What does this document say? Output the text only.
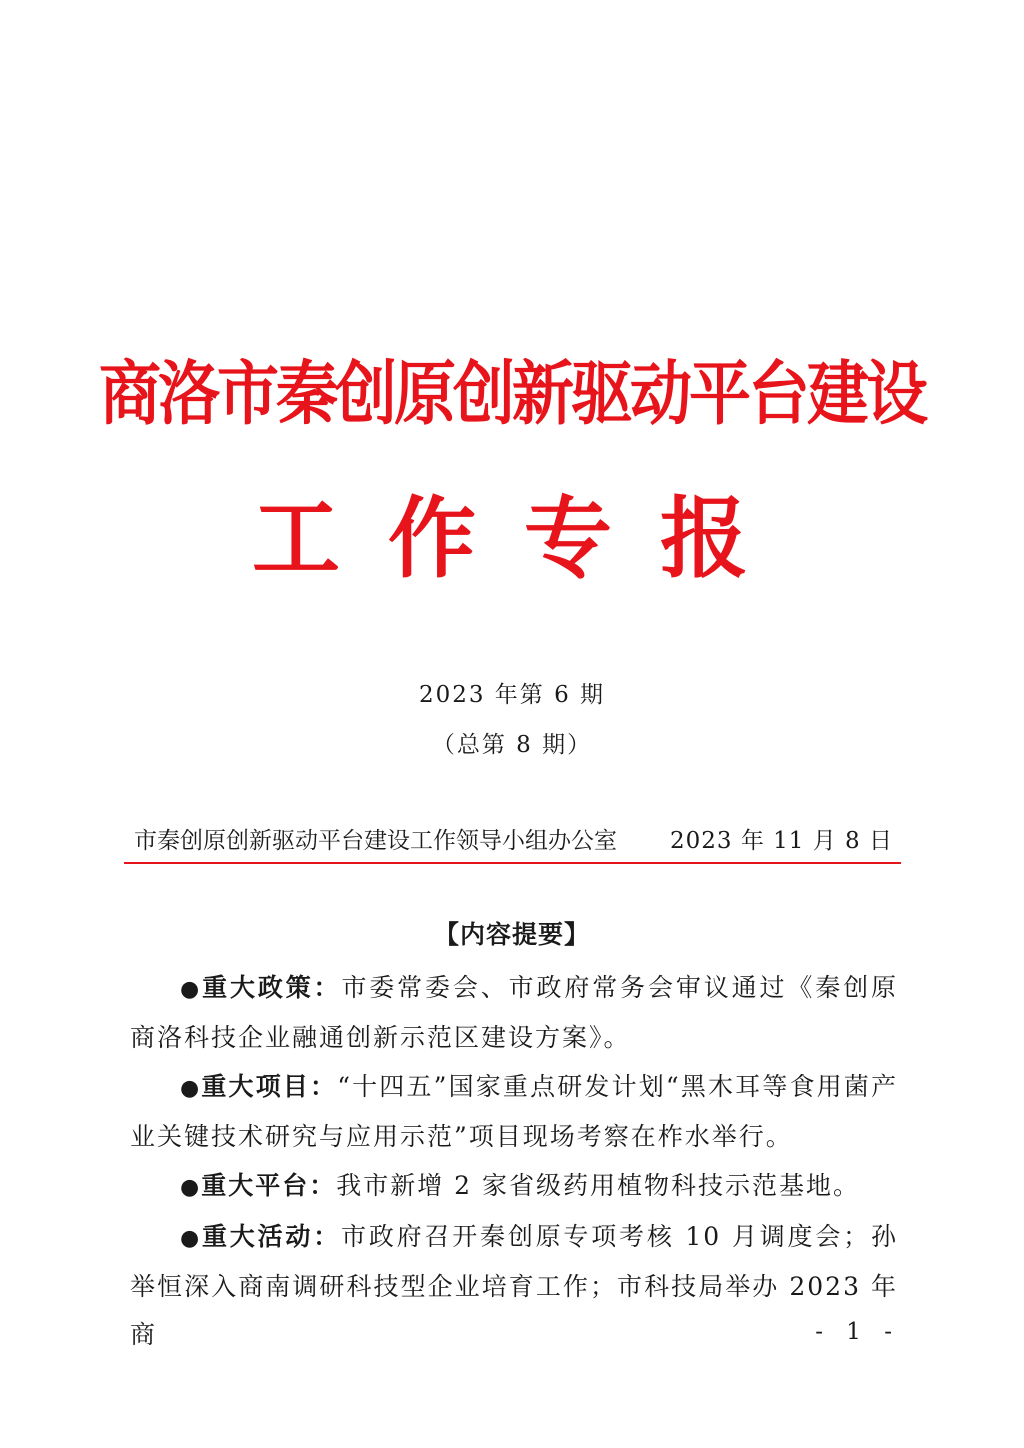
商洛市秦创原创新驱动平台建设
工作专报
2023 年第 6 期
（总第 8 期）
市秦创原创新驱动平台建设工作领导小组办公室 2023 年 11 月 8 日
【内容提要】

●重大政策：市委常委会、市政府常务会审议通过《秦创原商洛科技企业融通创新示范区建设方案》。

●重大项目：“十四五”国家重点研发计划“黑木耳等食用菌产业关键技术研究与应用示范”项目现场考察在柞水举行。

●重大平台：我市新增 2 家省级药用植物科技示范基地。

●重大活动：市政府召开秦创原专项考核 10 月调度会；孙举恒深入商南调研科技型企业培育工作；市科技局举办 2023 年商	- 1 -
